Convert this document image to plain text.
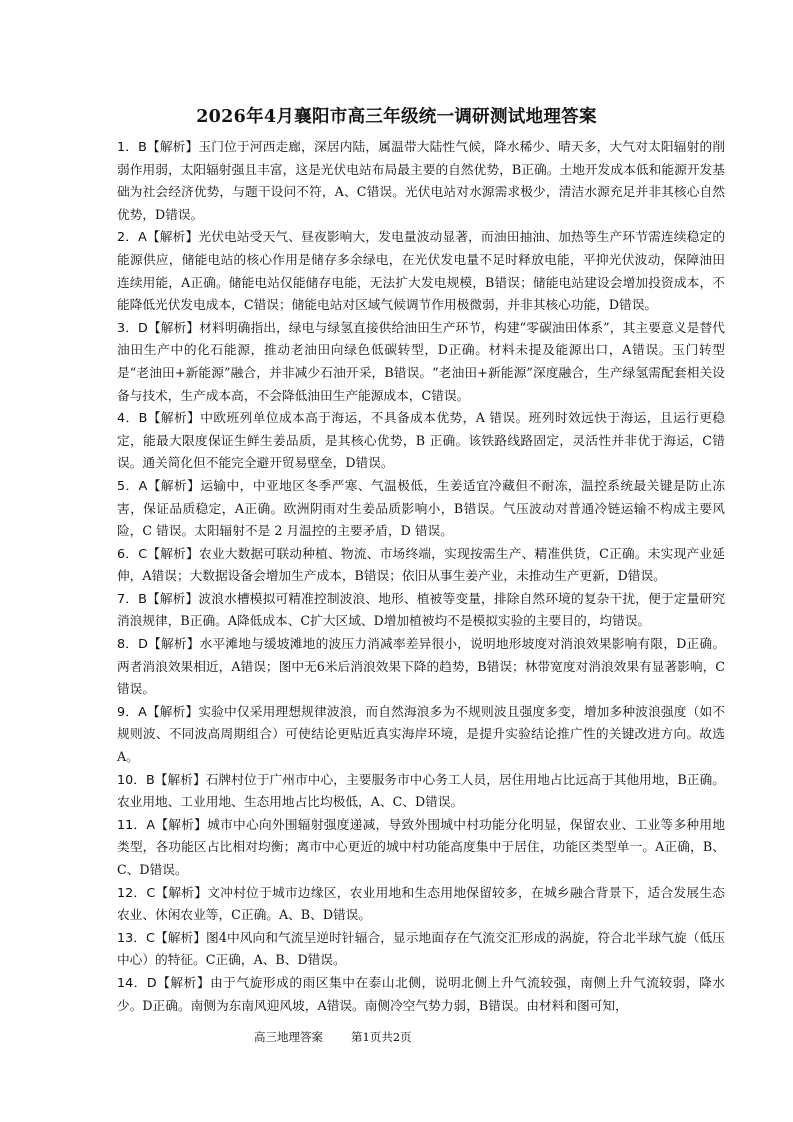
2026年4月襄阳市高三年级统一调研测试地理答案

1．B【解析】玉门位于河西走廊，深居内陆，属温带大陆性气候，降水稀少、晴天多，大气对太阳辐射的削弱作用弱，太阳辐射强且丰富，这是光伏电站布局最主要的自然优势，B正确。土地开发成本低和能源开发基础为社会经济优势，与题干设问不符，A、C错误。光伏电站对水源需求极少，清洁水源充足并非其核心自然优势，D错误。

2．A【解析】光伏电站受天气、昼夜影响大，发电量波动显著，而油田抽油、加热等生产环节需连续稳定的能源供应，储能电站的核心作用是储存多余绿电，在光伏发电量不足时释放电能，平抑光伏波动，保障油田连续用能，A正确。储能电站仅能储存电能，无法扩大发电规模，B错误；储能电站建设会增加投资成本，不能降低光伏发电成本，C错误；储能电站对区域气候调节作用极微弱，并非其核心功能，D错误。

3．D【解析】材料明确指出，绿电与绿氢直接供给油田生产环节，构建“零碳油田体系”，其主要意义是替代油田生产中的化石能源，推动老油田向绿色低碳转型，D正确。材料未提及能源出口，A错误。玉门转型是“老油田+新能源”融合，并非减少石油开采，B错误。“老油田+新能源”深度融合，生产绿氢需配套相关设备与技术，生产成本高，不会降低油田生产能源成本，C错误。

4．B【解析】中欧班列单位成本高于海运，不具备成本优势，A 错误。班列时效远快于海运，且运行更稳定，能最大限度保证生鲜生姜品质，是其核心优势，B 正确。该铁路线路固定，灵活性并非优于海运，C错误。通关简化但不能完全避开贸易壁垒，D错误。

5．A【解析】运输中，中亚地区冬季严寒、气温极低，生姜适宜冷藏但不耐冻，温控系统最关键是防止冻害，保证品质稳定，A正确。欧洲阴雨对生姜品质影响小，B错误。气压波动对普通冷链运输不构成主要风险，C 错误。太阳辐射不是 2 月温控的主要矛盾，D 错误。

6．C【解析】农业大数据可联动种植、物流、市场终端，实现按需生产、精准供货，C正确。未实现产业延伸，A错误；大数据设备会增加生产成本，B错误；依旧从事生姜产业，未推动生产更新，D错误。

7．B【解析】波浪水槽模拟可精准控制波浪、地形、植被等变量，排除自然环境的复杂干扰，便于定量研究消浪规律，B正确。A降低成本、C扩大区域、D增加植被均不是模拟实验的主要目的，均错误。

8．D【解析】水平滩地与缓坡滩地的波压力消减率差异很小，说明地形坡度对消浪效果影响有限，D正确。两者消浪效果相近，A错误；图中无6米后消浪效果下降的趋势，B错误；林带宽度对消浪效果有显著影响，C错误。

9．A【解析】实验中仅采用理想规律波浪，而自然海浪多为不规则波且强度多变，增加多种波浪强度（如不规则波、不同波高周期组合）可使结论更贴近真实海岸环境，是提升实验结论推广性的关键改进方向。故选A。

10．B【解析】石牌村位于广州市中心，主要服务市中心务工人员，居住用地占比远高于其他用地，B正确。农业用地、工业用地、生态用地占比均极低，A、C、D错误。

11．A【解析】城市中心向外围辐射强度递减，导致外围城中村功能分化明显，保留农业、工业等多种用地类型，各功能区占比相对均衡；离市中心更近的城中村功能高度集中于居住，功能区类型单一。A正确，B、C、D错误。

12．C【解析】文冲村位于城市边缘区，农业用地和生态用地保留较多，在城乡融合背景下，适合发展生态农业、休闲农业等，C正确。A、B、D错误。

13．C【解析】图4中风向和气流呈逆时针辐合，显示地面存在气流交汇形成的涡旋，符合北半球气旋（低压中心）的特征。C正确，A、B、D错误。

14．D【解析】由于气旋形成的雨区集中在泰山北侧，说明北侧上升气流较强，南侧上升气流较弱，降水少。D正确。南侧为东南风迎风坡，A错误。南侧冷空气势力弱，B错误。由材料和图可知，

高三地理答案 第1页共2页
